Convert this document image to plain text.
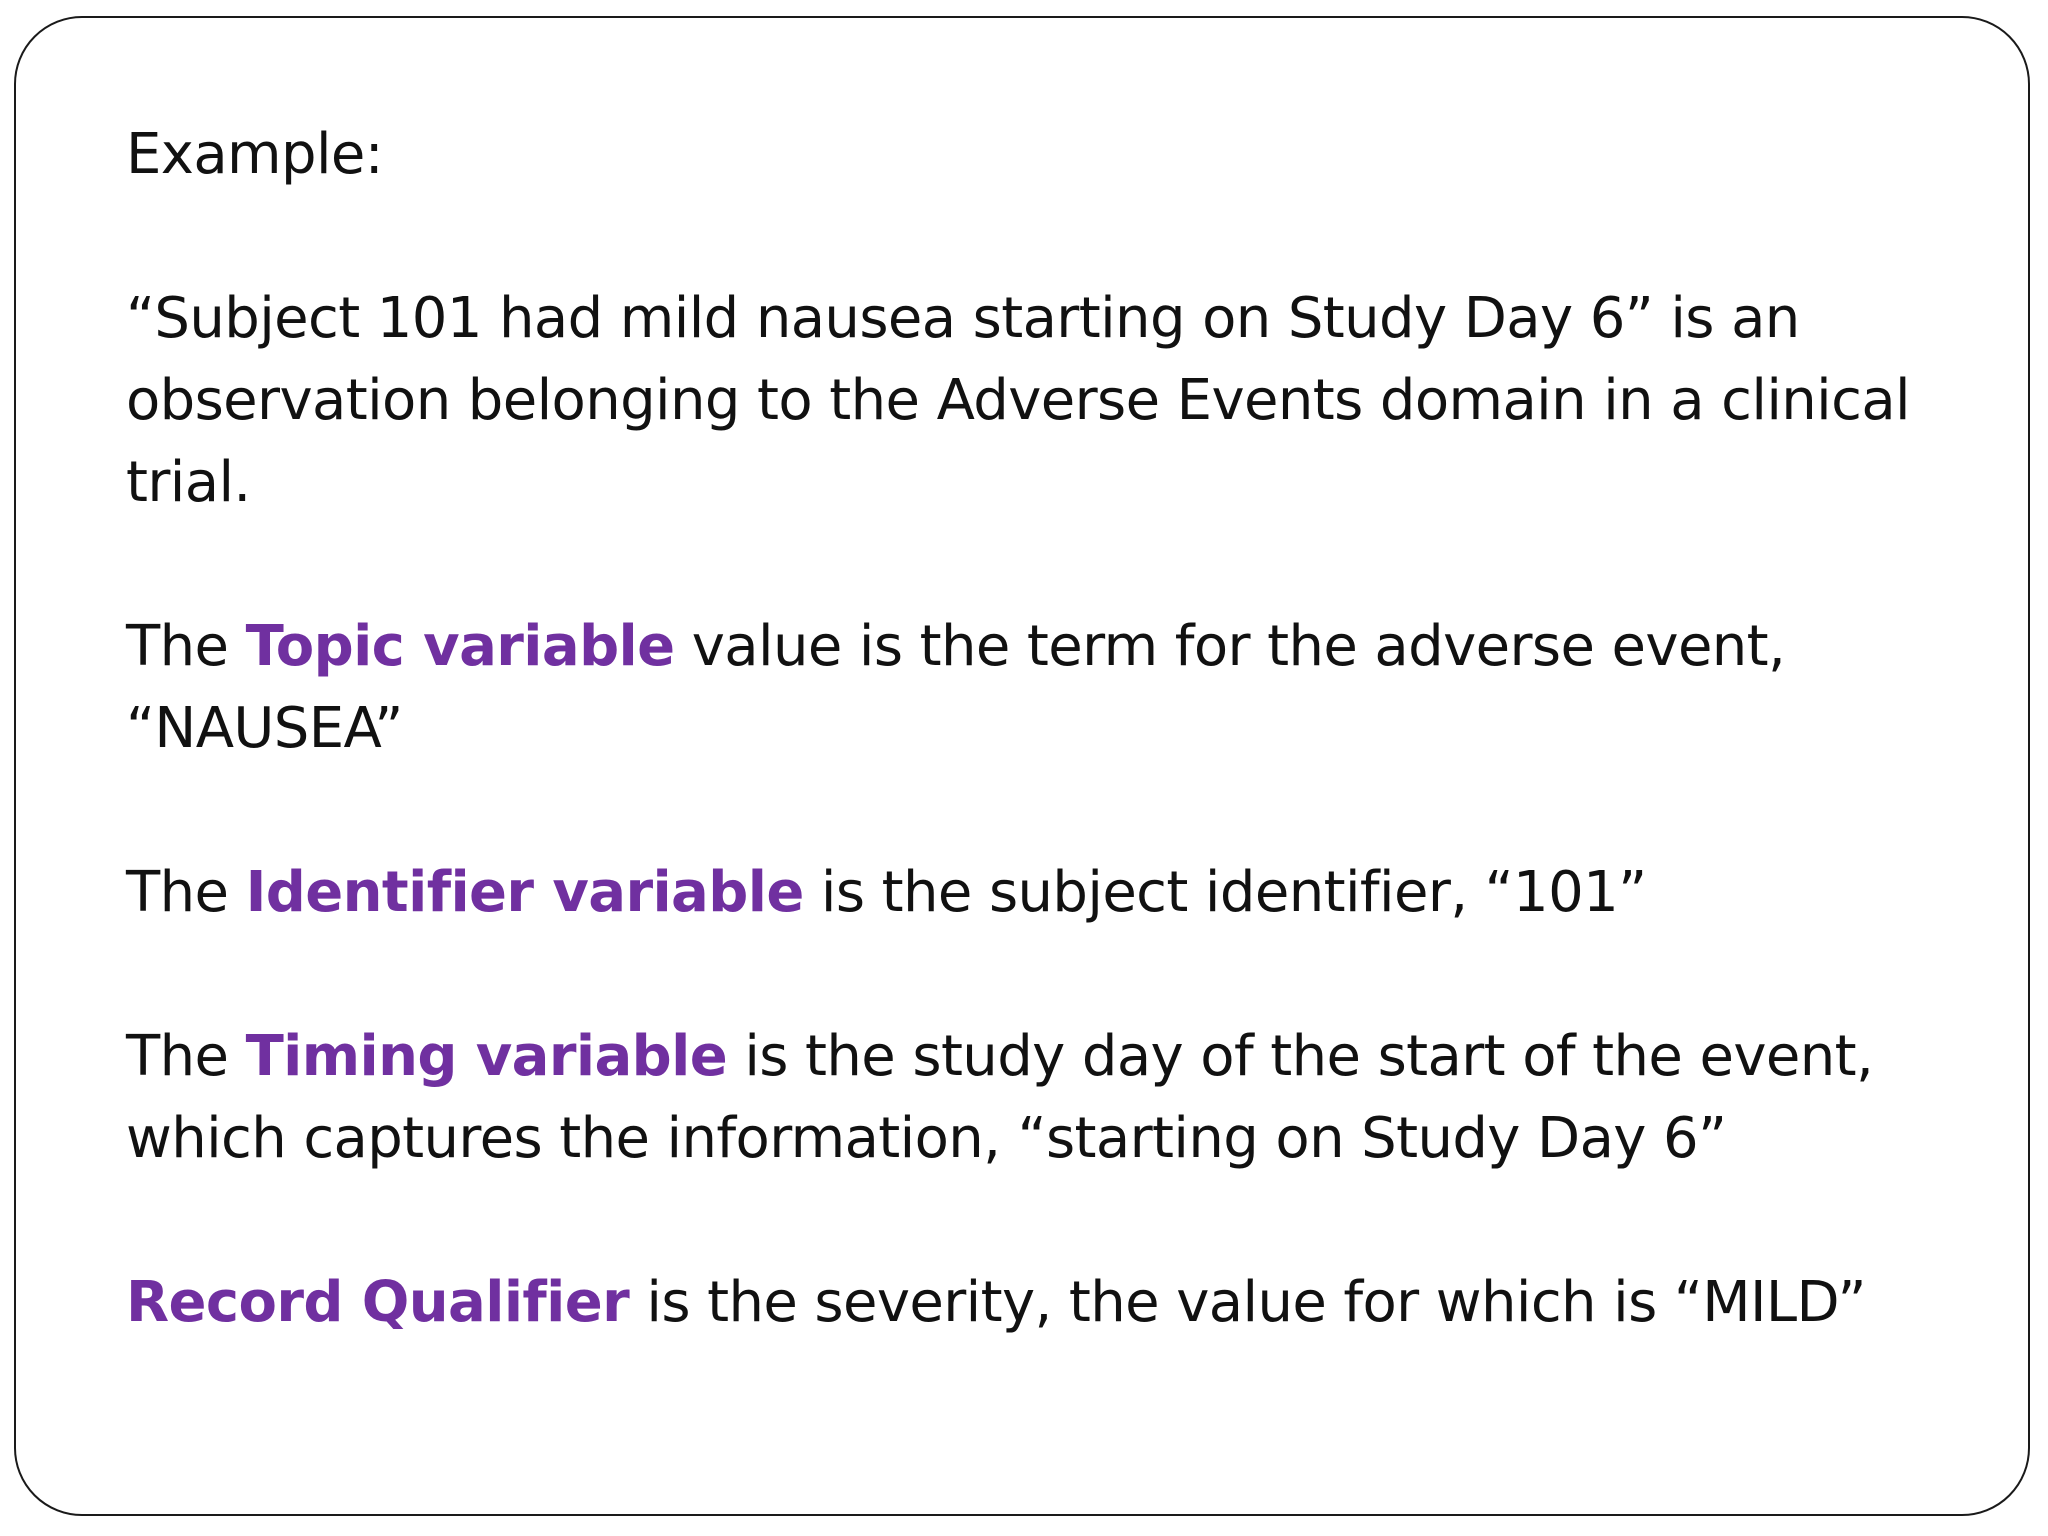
Example:

“Subject 101 had mild nausea starting on Study Day 6” is an observation belonging to the Adverse Events domain in a clinical trial.

The Topic variable value is the term for the adverse event, “NAUSEA”

The Identifier variable is the subject identifier, “101”

The Timing variable is the study day of the start of the event, which captures the information, “starting on Study Day 6”

Record Qualifier is the severity, the value for which is “MILD”
